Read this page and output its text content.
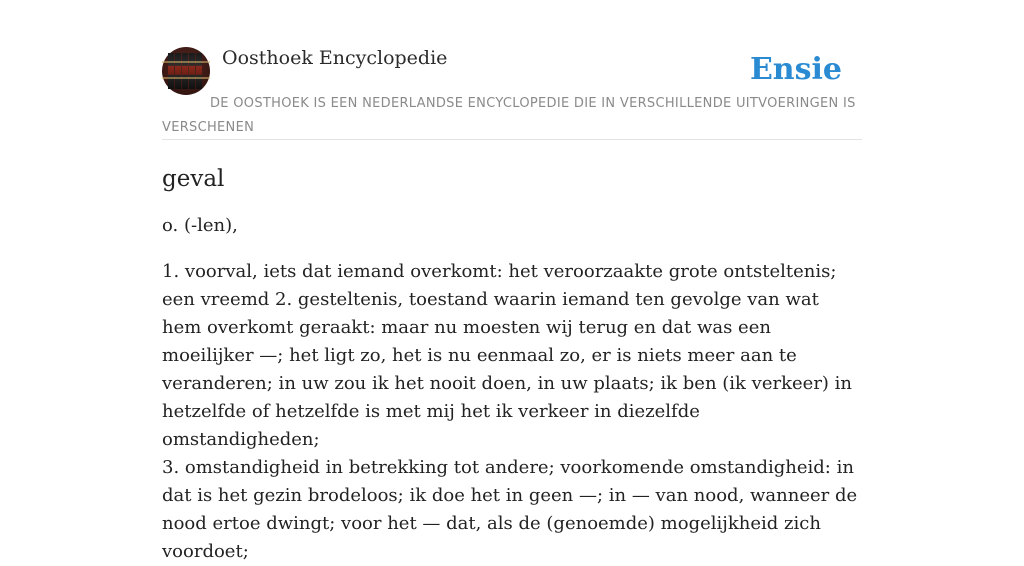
Oosthoek Encyclopedie	Ensie
DE OOSTHOEK IS EEN NEDERLANDSE ENCYCLOPEDIE DIE IN VERSCHILLENDE UITVOERINGEN IS VERSCHENEN
geval

o. (-len),

1. voorval, iets dat iemand overkomt: het veroorzaakte grote ontsteltenis; een vreemd 2. gesteltenis, toestand waarin iemand ten gevolge van wat hem overkomt geraakt: maar nu moesten wij terug en dat was een moeilijker —; het ligt zo, het is nu eenmaal zo, er is niets meer aan te veranderen; in uw zou ik het nooit doen, in uw plaats; ik ben (ik verkeer) in hetzelfde of hetzelfde is met mij het ik verkeer in diezelfde omstandigheden;

3. omstandigheid in betrekking tot andere; voorkomende omstandigheid: in dat is het gezin brodeloos; ik doe het in geen —; in — van nood, wanneer de nood ertoe dwingt; voor het — dat, als de (genoemde) mogelijkheid zich voordoet;
